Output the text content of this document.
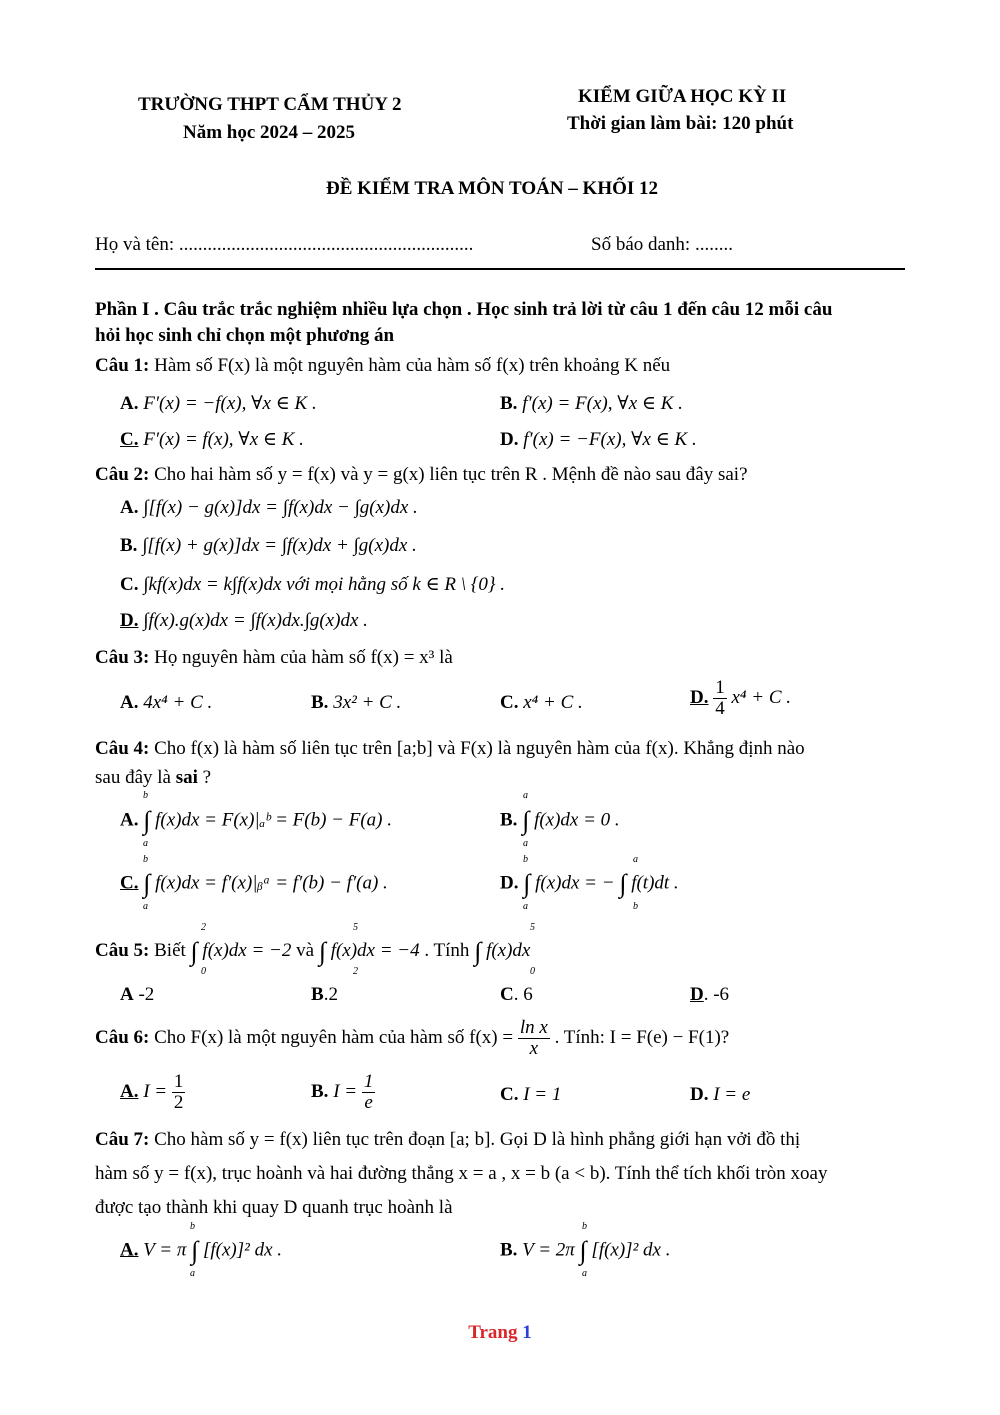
TRƯỜNG THPT CẨM THỦY 2
Năm học 2024 – 2025
KIỂM GIỮA HỌC KỲ II
Thời gian làm bài: 120 phút
ĐỀ KIỂM TRA MÔN TOÁN – KHỐI 12
Họ và tên: ..............................................................	Số báo danh: ........
Phần I . Câu trắc trắc nghiệm nhiều lựa chọn . Học sinh trả lời từ câu 1 đến câu 12 mỗi câu
hỏi học sinh chỉ chọn một phương án
Câu 1: Hàm số F(x) là một nguyên hàm của hàm số f(x) trên khoảng K nếu
A. F′(x) = −f(x), ∀x ∈ K .	B. f′(x) = F(x), ∀x ∈ K .
C. F′(x) = f(x), ∀x ∈ K .	D. f′(x) = −F(x), ∀x ∈ K .
Câu 2: Cho hai hàm số y = f(x) và y = g(x) liên tục trên R . Mệnh đề nào sau đây sai?
A. ∫[f(x) − g(x)]dx = ∫f(x)dx − ∫g(x)dx .
B. ∫[f(x) + g(x)]dx = ∫f(x)dx + ∫g(x)dx .
C. ∫kf(x)dx = k∫f(x)dx với mọi hằng số k ∈ R \ {0} .
D. ∫f(x).g(x)dx = ∫f(x)dx.∫g(x)dx .
Câu 3: Họ nguyên hàm của hàm số f(x) = x³ là
A. 4x⁴ + C .	B. 3x² + C .	C. x⁴ + C .	D. $\frac{1}{4} x^4 + C$ .
Câu 4: Cho f(x) là hàm số liên tục trên [a;b] và F(x) là nguyên hàm của f(x). Khẳng định nào
sau đây là sai ?
A. ∫ f(x)dx = F(x)|ₐᵇ = F(b) − F(a) .
b
a
B. ∫ f(x)dx = 0 .
a
a
C. ∫ f(x)dx = f′(x)|ᵦᵃ = f′(b) − f′(a) .
b
a
D. ∫ f(x)dx = − ∫ f(t)dt .
b
a
a
b
Câu 5: Biết ∫ f(x)dx = −2 và ∫ f(x)dx = −4 . Tính ∫ f(x)dx
2
0
5
2
5
0
A -2	B.2	C. 6	D. -6
Câu 6: Cho F(x) là một nguyên hàm của hàm số $f(x) = \frac{\text{ln x}}{x}$ . Tính: I = F(e) − F(1)?
A. $I = \frac{1}{2}$	B. $I = \frac{1}{e}$	C. I = 1	D. I = e
Câu 7: Cho hàm số y = f(x) liên tục trên đoạn [a; b]. Gọi D là hình phẳng giới hạn vởi đồ thị
hàm số y = f(x), trục hoành và hai đường thẳng x = a , x = b (a < b). Tính thể tích khối tròn xoay
được tạo thành khi quay D quanh trục hoành là
A. V = π ∫ [f(x)]² dx .
b
a
B. V = 2π ∫ [f(x)]² dx .
b
a
Trang 1
